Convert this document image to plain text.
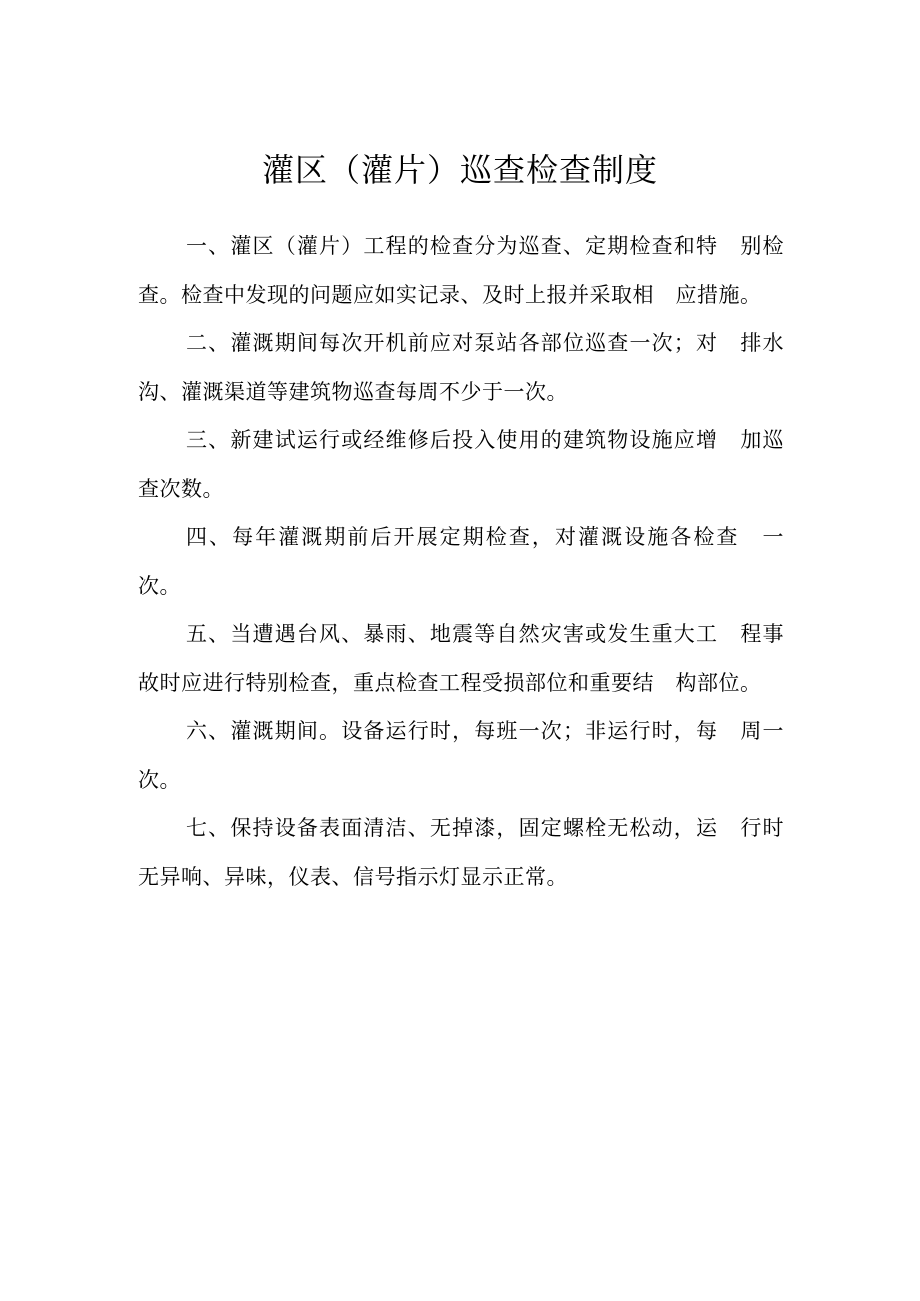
灌区（灌片）巡查检查制度

一、灌区（灌片）工程的检查分为巡查、定期检查和特　别检查。检查中发现的问题应如实记录、及时上报并采取相　应措施。

二、灌溉期间每次开机前应对泵站各部位巡查一次；对　排水沟、灌溉渠道等建筑物巡查每周不少于一次。

三、新建试运行或经维修后投入使用的建筑物设施应增　加巡查次数。

四、每年灌溉期前后开展定期检查，对灌溉设施各检查　一次。

五、当遭遇台风、暴雨、地震等自然灾害或发生重大工　程事故时应进行特别检查，重点检查工程受损部位和重要结　构部位。

六、灌溉期间。设备运行时，每班一次；非运行时，每　周一次。

七、保持设备表面清洁、无掉漆，固定螺栓无松动，运　行时无异响、异味，仪表、信号指示灯显示正常。
